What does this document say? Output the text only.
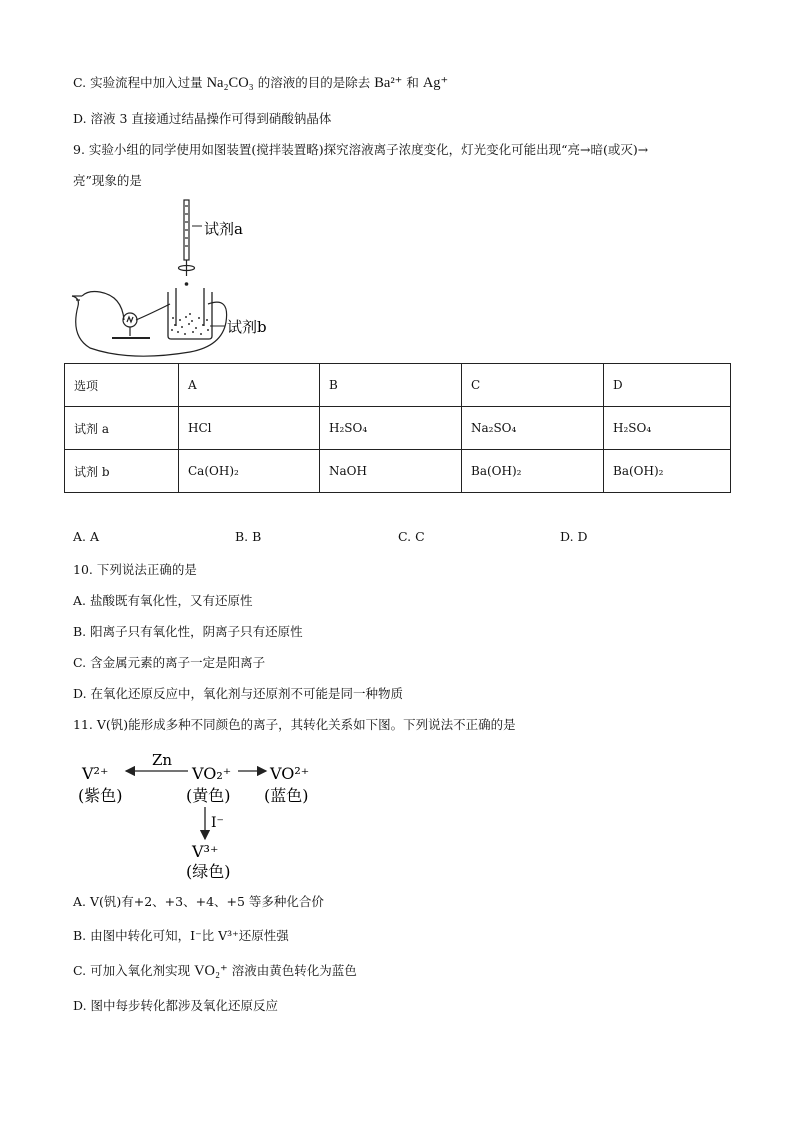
C. 实验流程中加入过量 Na₂CO₃ 的溶液的目的是除去 Ba²⁺ 和 Ag⁺
D. 溶液 3 直接通过结晶操作可得到硝酸钠晶体
9. 实验小组的同学使用如图装置(搅拌装置略)探究溶液离子浓度变化，灯光变化可能出现“亮→暗(或灭)→
亮”现象的是
试剂a
试剂b
选项	A	B	C	D
试剂 a	HCl	H₂SO₄	Na₂SO₄	H₂SO₄
试剂 b	Ca(OH)₂	NaOH	Ba(OH)₂	Ba(OH)₂
A. A	B. B	C. C	D. D
10. 下列说法正确的是
A. 盐酸既有氧化性，又有还原性
B. 阳离子只有氧化性，阴离子只有还原性
C. 含金属元素的离子一定是阳离子
D. 在氧化还原反应中，氧化剂与还原剂不可能是同一种物质
11. V(钒)能形成多种不同颜色的离子，其转化关系如下图。下列说法不正确的是
V²⁺
(紫色)
Zn
VO₂⁺
(黄色)
VO²⁺
(蓝色)
I⁻
V³⁺
(绿色)
A. V(钒)有+2、+3、+4、+5 等多种化合价
B. 由图中转化可知，I⁻比 V³⁺还原性强
C. 可加入氧化剂实现 VO₂⁺ 溶液由黄色转化为蓝色
D. 图中每步转化都涉及氧化还原反应
